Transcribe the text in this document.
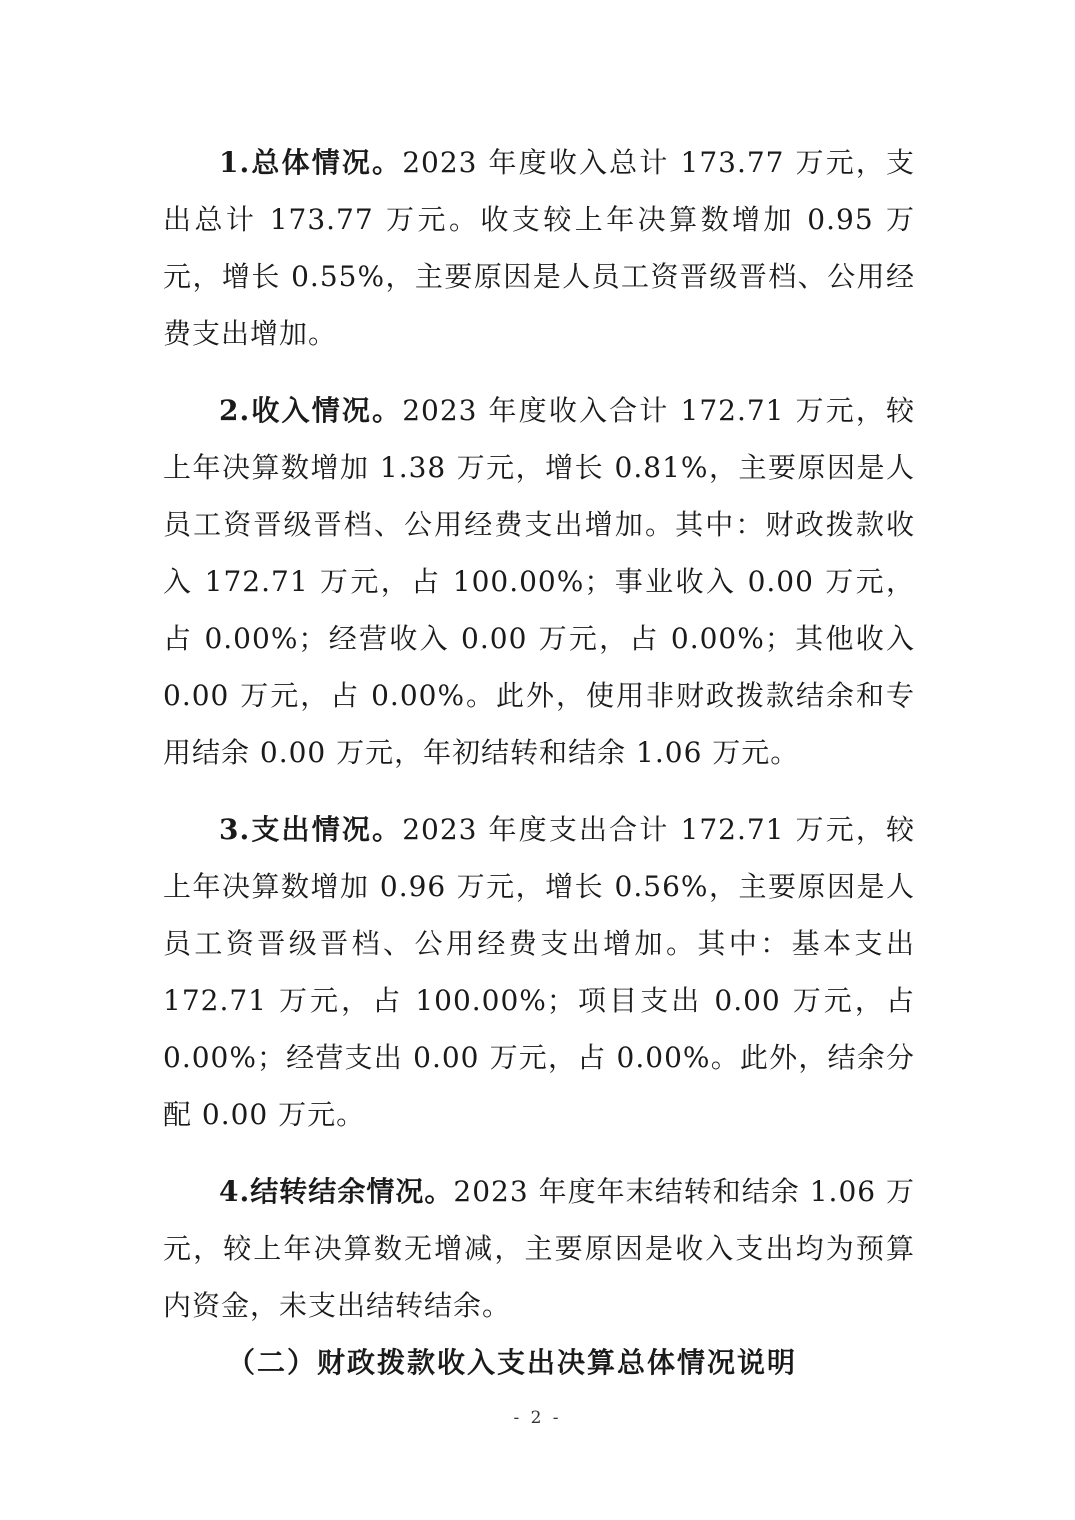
1.总体情况。2023 年度收入总计 173.77 万元，支出总计 173.77 万元。收支较上年决算数增加 0.95 万元，增长 0.55%，主要原因是人员工资晋级晋档、公用经费支出增加。

2.收入情况。2023 年度收入合计 172.71 万元，较上年决算数增加 1.38 万元，增长 0.81%，主要原因是人员工资晋级晋档、公用经费支出增加。其中：财政拨款收入 172.71 万元，占 100.00%；事业收入 0.00 万元，占 0.00%；经营收入 0.00 万元，占 0.00%；其他收入 0.00 万元，占 0.00%。此外，使用非财政拨款结余和专用结余 0.00 万元，年初结转和结余 1.06 万元。

3.支出情况。2023 年度支出合计 172.71 万元，较上年决算数增加 0.96 万元，增长 0.56%，主要原因是人员工资晋级晋档、公用经费支出增加。其中：基本支出 172.71 万元，占 100.00%；项目支出 0.00 万元，占 0.00%；经营支出 0.00 万元，占 0.00%。此外，结余分配 0.00 万元。

4.结转结余情况。2023 年度年末结转和结余 1.06 万元，较上年决算数无增减，主要原因是收入支出均为预算内资金，未支出结转结余。

（二）财政拨款收入支出决算总体情况说明

- 2 -
